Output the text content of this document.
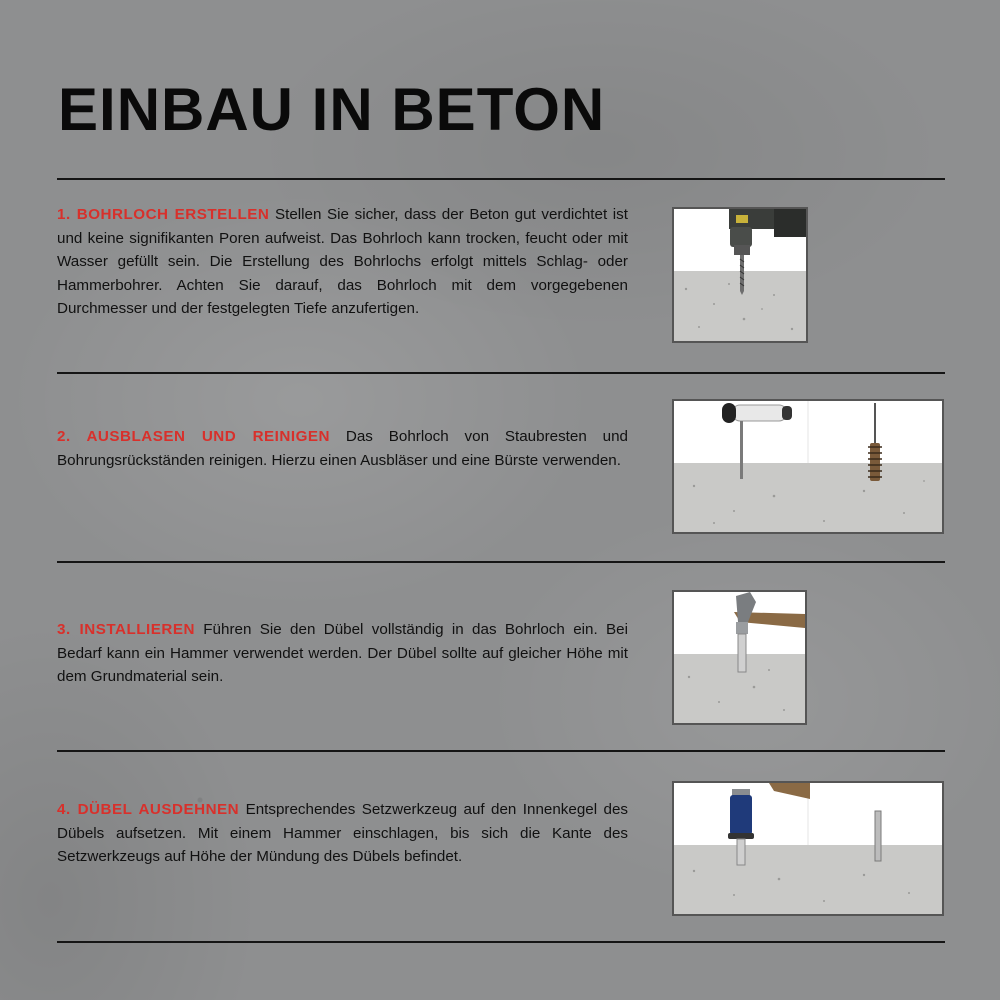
EINBAU IN BETON

1. BOHRLOCH ERSTELLEN Stellen Sie sicher, dass der Beton gut verdichtet ist und keine signifikanten Poren aufweist. Das Bohrloch kann trocken, feucht oder mit Wasser gefüllt sein. Die Erstellung des Bohrlochs erfolgt mittels Schlag- oder Hammerbohrer. Achten Sie darauf, das Bohrloch mit dem vorgegebenen Durchmesser und der festgelegten Tiefe anzufertigen.

2. AUSBLASEN UND REINIGEN Das Bohrloch von Staubresten und Bohrungsrückständen reinigen. Hierzu einen Ausbläser und eine Bürste verwenden.

3. INSTALLIEREN Führen Sie den Dübel vollständig in das Bohrloch ein. Bei Bedarf kann ein Hammer verwendet werden. Der Dübel sollte auf gleicher Höhe mit dem Grundmaterial sein.

4. DÜBEL AUSDEHNEN Entsprechendes Setzwerkzeug auf den Innenkegel des Dübels aufsetzen. Mit einem Hammer einschlagen, bis sich die Kante des Setzwerkzeugs auf Höhe der Mündung des Dübels befindet.
